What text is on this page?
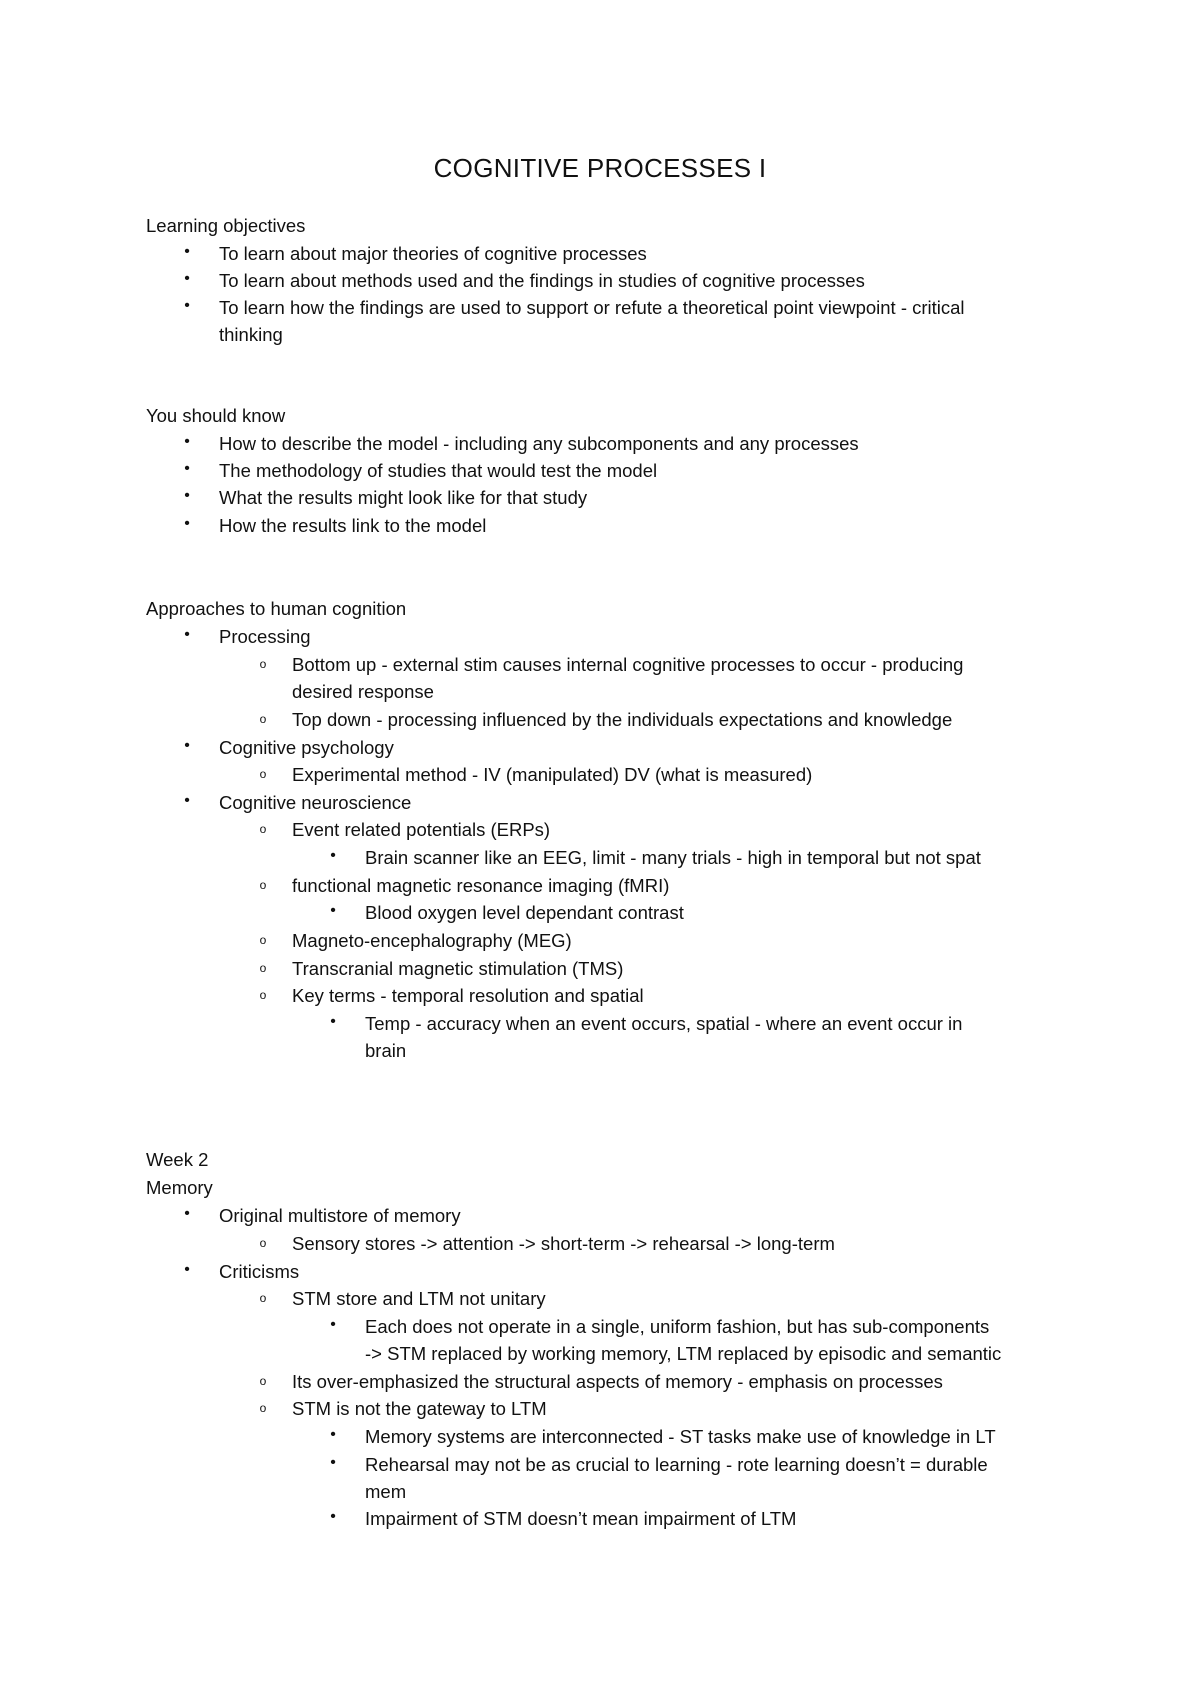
COGNITIVE PROCESSES I
Learning objectives
• To learn about major theories of cognitive processes
• To learn about methods used and the findings in studies of cognitive processes
• To learn how the findings are used to support or refute a theoretical point viewpoint - critical
thinking
You should know
• How to describe the model - including any subcomponents and any processes
• The methodology of studies that would test the model
• What the results might look like for that study
• How the results link to the model
Approaches to human cognition
• Processing
o Bottom up - external stim causes internal cognitive processes to occur - producing
desired response
o Top down - processing influenced by the individuals expectations and knowledge
• Cognitive psychology
o Experimental method - IV (manipulated) DV (what is measured)
• Cognitive neuroscience
o Event related potentials (ERPs)
• Brain scanner like an EEG, limit - many trials - high in temporal but not spat
o functional magnetic resonance imaging (fMRI)
• Blood oxygen level dependant contrast
o Magneto-encephalography (MEG)
o Transcranial magnetic stimulation (TMS)
o Key terms - temporal resolution and spatial
• Temp - accuracy when an event occurs, spatial - where an event occur in
brain
Week 2
Memory
• Original multistore of memory
o Sensory stores -> attention -> short-term -> rehearsal -> long-term
• Criticisms
o STM store and LTM not unitary
• Each does not operate in a single, uniform fashion, but has sub-components
-> STM replaced by working memory, LTM replaced by episodic and semantic
o Its over-emphasized the structural aspects of memory - emphasis on processes
o STM is not the gateway to LTM
• Memory systems are interconnected - ST tasks make use of knowledge in LT
• Rehearsal may not be as crucial to learning - rote learning doesn’t = durable
mem
• Impairment of STM doesn’t mean impairment of LTM
